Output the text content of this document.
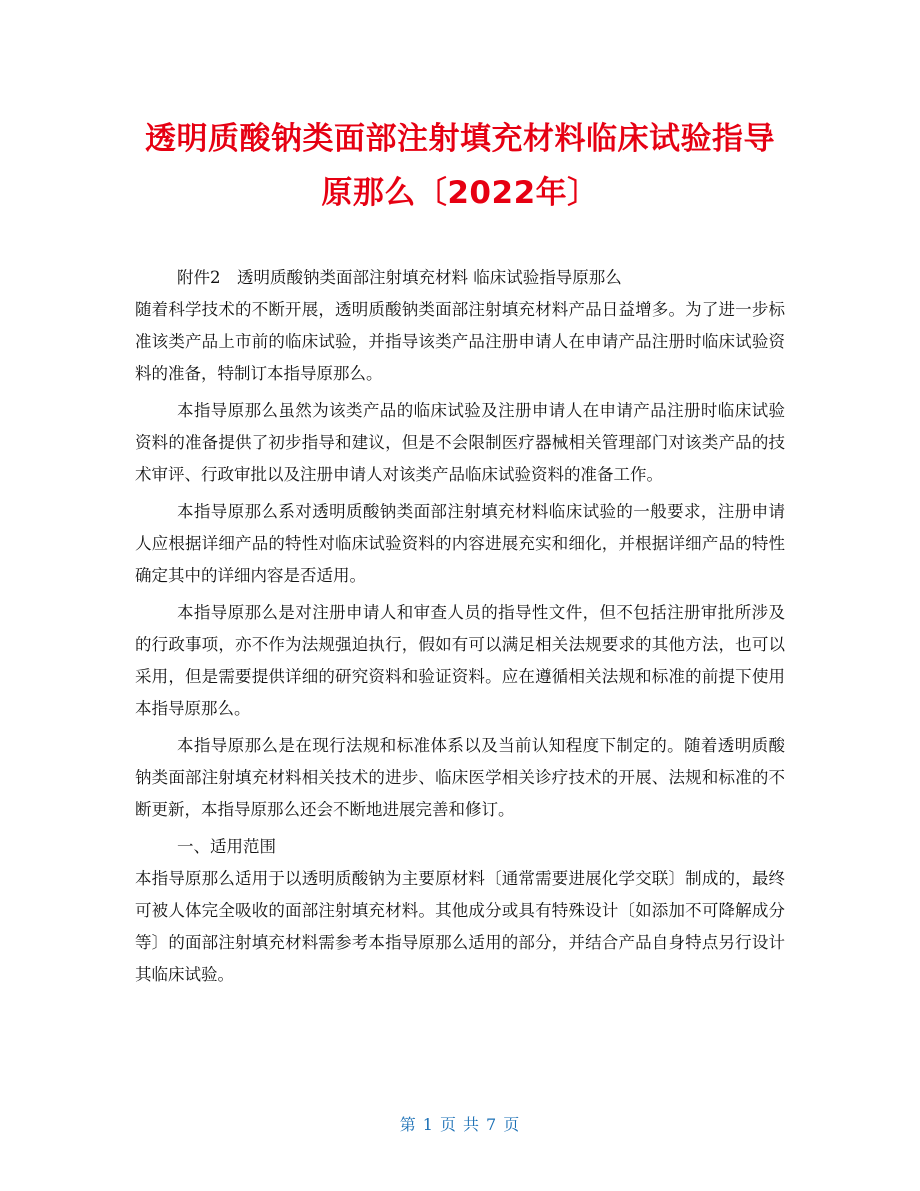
透明质酸钠类面部注射填充材料临床试验指导
原那么〔2022年〕

附件2　透明质酸钠类面部注射填充材料 临床试验指导原那么

随着科学技术的不断开展，透明质酸钠类面部注射填充材料产品日益增多。为了进一步标准该类产品上市前的临床试验，并指导该类产品注册申请人在申请产品注册时临床试验资料的准备，特制订本指导原那么。

本指导原那么虽然为该类产品的临床试验及注册申请人在申请产品注册时临床试验资料的准备提供了初步指导和建议，但是不会限制医疗器械相关管理部门对该类产品的技术审评、行政审批以及注册申请人对该类产品临床试验资料的准备工作。

本指导原那么系对透明质酸钠类面部注射填充材料临床试验的一般要求，注册申请人应根据详细产品的特性对临床试验资料的内容进展充实和细化，并根据详细产品的特性确定其中的详细内容是否适用。

本指导原那么是对注册申请人和审查人员的指导性文件，但不包括注册审批所涉及的行政事项，亦不作为法规强迫执行，假如有可以满足相关法规要求的其他方法，也可以采用，但是需要提供详细的研究资料和验证资料。应在遵循相关法规和标准的前提下使用本指导原那么。

本指导原那么是在现行法规和标准体系以及当前认知程度下制定的。随着透明质酸钠类面部注射填充材料相关技术的进步、临床医学相关诊疗技术的开展、法规和标准的不断更新，本指导原那么还会不断地进展完善和修订。

一、适用范围

本指导原那么适用于以透明质酸钠为主要原材料〔通常需要进展化学交联〕制成的，最终可被人体完全吸收的面部注射填充材料。其他成分或具有特殊设计〔如添加不可降解成分等〕的面部注射填充材料需参考本指导原那么适用的部分，并结合产品自身特点另行设计其临床试验。

第 1 页 共 7 页
